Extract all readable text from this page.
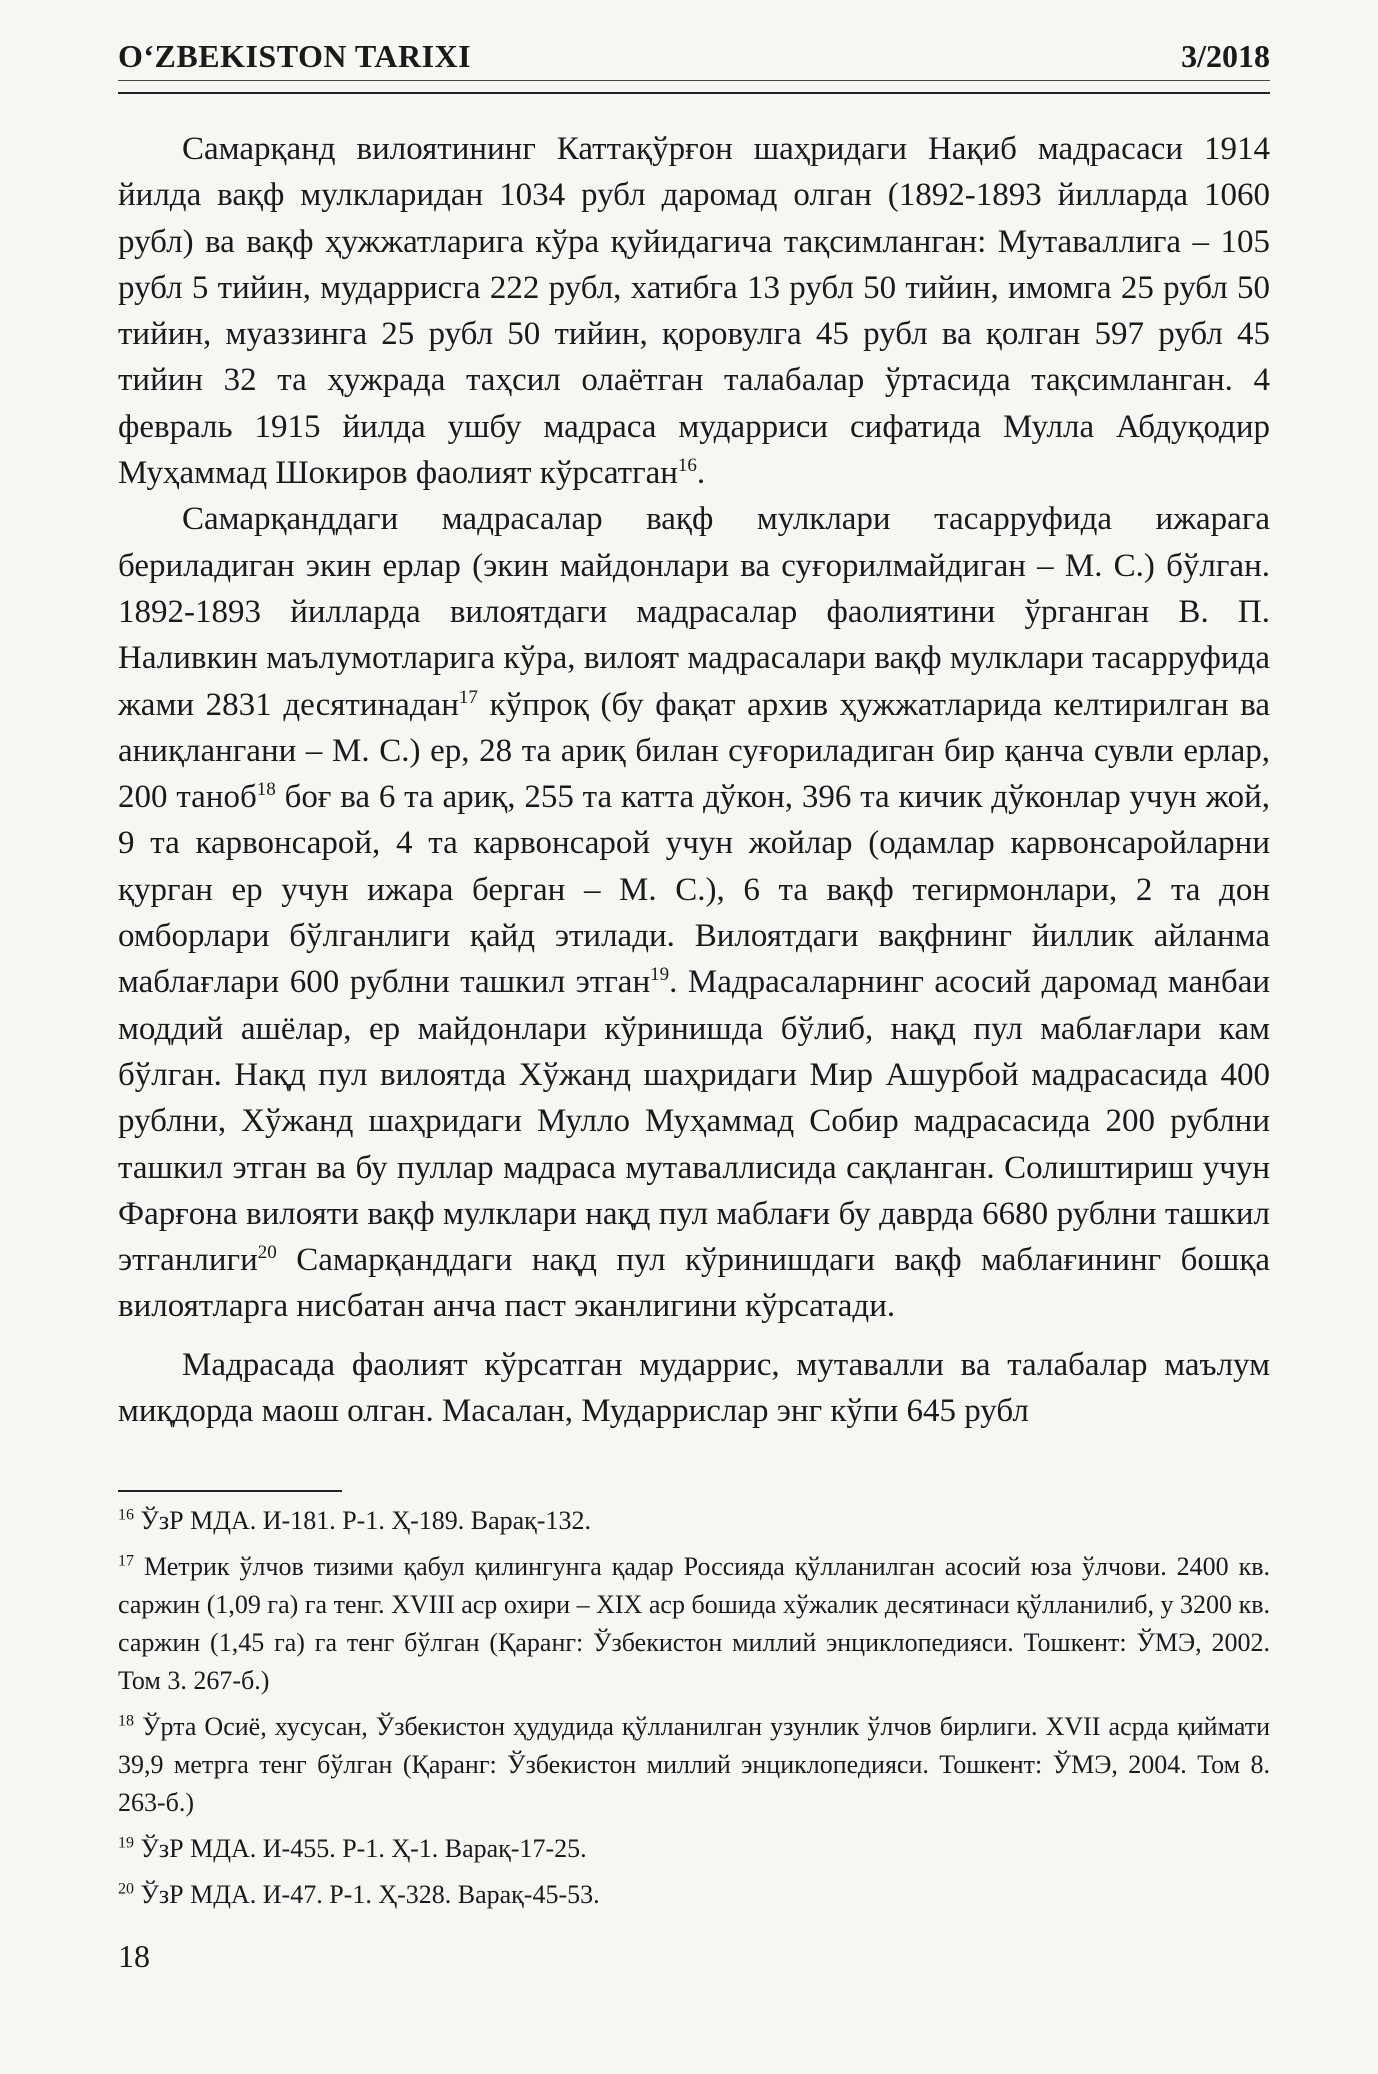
O‘ZBEKISTON TARIXI	3/2018

Самарқанд вилоятининг Каттақўрғон шаҳридаги Нақиб мадрасаси 1914 йилда вақф мулкларидан 1034 рубл даромад олган (1892-1893 йилларда 1060 рубл) ва вақф ҳужжатларига кўра қуйидагича тақсимланган: Мутаваллига – 105 рубл 5 тийин, мударрисга 222 рубл, хатибга 13 рубл 50 тийин, имомга 25 рубл 50 тийин, муаззинга 25 рубл 50 тийин, қоровулга 45 рубл ва қолган 597 рубл 45 тийин 32 та ҳужрада таҳсил олаётган талабалар ўртасида тақсимланган. 4 февраль 1915 йилда ушбу мадраса мударриси сифатида Мулла Абдуқодир Муҳаммад Шокиров фаолият кўрсатган$^{16}$.

Самарқанддаги мадрасалар вақф мулклари тасарруфида ижарага бериладиган экин ерлар (экин майдонлари ва суғорилмайдиган – М. С.) бўлган. 1892-1893 йилларда вилоятдаги мадрасалар фаолиятини ўрганган В. П. Наливкин маълумотларига кўра, вилоят мадрасалари вақф мулклари тасарруфида жами 2831 десятинадан$^{17}$ кўпроқ (бу фақат архив ҳужжатларида келтирилган ва аниқлангани – М. С.) ер, 28 та ариқ билан суғориладиган бир қанча сувли ерлар, 200 таноб$^{18}$ боғ ва 6 та ариқ, 255 та катта дўкон, 396 та кичик дўконлар учун жой, 9 та карвонсарой, 4 та карвонсарой учун жойлар (одамлар карвонсаройларни қурган ер учун ижара берган – М. С.), 6 та вақф тегирмонлари, 2 та дон омборлари бўлганлиги қайд этилади. Вилоятдаги вақфнинг йиллик айланма маблағлари 600 рублни ташкил этган$^{19}$. Мадрасаларнинг асосий даромад манбаи моддий ашёлар, ер майдонлари кўринишда бўлиб, нақд пул маблағлари кам бўлган. Нақд пул вилоятда Хўжанд шаҳридаги Мир Ашурбой мадрасасида 400 рублни, Хўжанд шаҳридаги Мулло Муҳаммад Собир мадрасасида 200 рублни ташкил этган ва бу пуллар мадраса мутаваллисида сақланган. Солиштириш учун Фарғона вилояти вақф мулклари нақд пул маблағи бу даврда 6680 рублни ташкил этганлиги$^{20}$ Самарқанддаги нақд пул кўринишдаги вақф маблағининг бошқа вилоятларга нисбатан анча паст эканлигини кўрсатади.

Мадрасада фаолият кўрсатган мударрис, мутавалли ва талабалар маълум миқдорда маош олган. Масалан, Мударрислар энг кўпи 645 рубл

$^{16}$ ЎзР МДА. И-181. Р-1. Ҳ-189. Варақ-132.

$^{17}$ Метрик ўлчов тизими қабул қилингунга қадар Россияда қўлланилган асосий юза ўлчови. 2400 кв. саржин (1,09 га) га тенг. XVIII аср охири – XIX аср бошида хўжалик десятинаси қўлланилиб, у 3200 кв. саржин (1,45 га) га тенг бўлган (Қаранг: Ўзбекистон миллий энциклопедияси. Тошкент: ЎМЭ, 2002. Том 3. 267-б.)

$^{18}$ Ўрта Осиё, хусусан, Ўзбекистон ҳудудида қўлланилган узунлик ўлчов бирлиги. XVII асрда қиймати 39,9 метрга тенг бўлган (Қаранг: Ўзбекистон миллий энциклопедияси. Тошкент: ЎМЭ, 2004. Том 8. 263-б.)

$^{19}$ ЎзР МДА. И-455. Р-1. Ҳ-1. Варақ-17-25.

$^{20}$ ЎзР МДА. И-47. Р-1. Ҳ-328. Варақ-45-53.

18
